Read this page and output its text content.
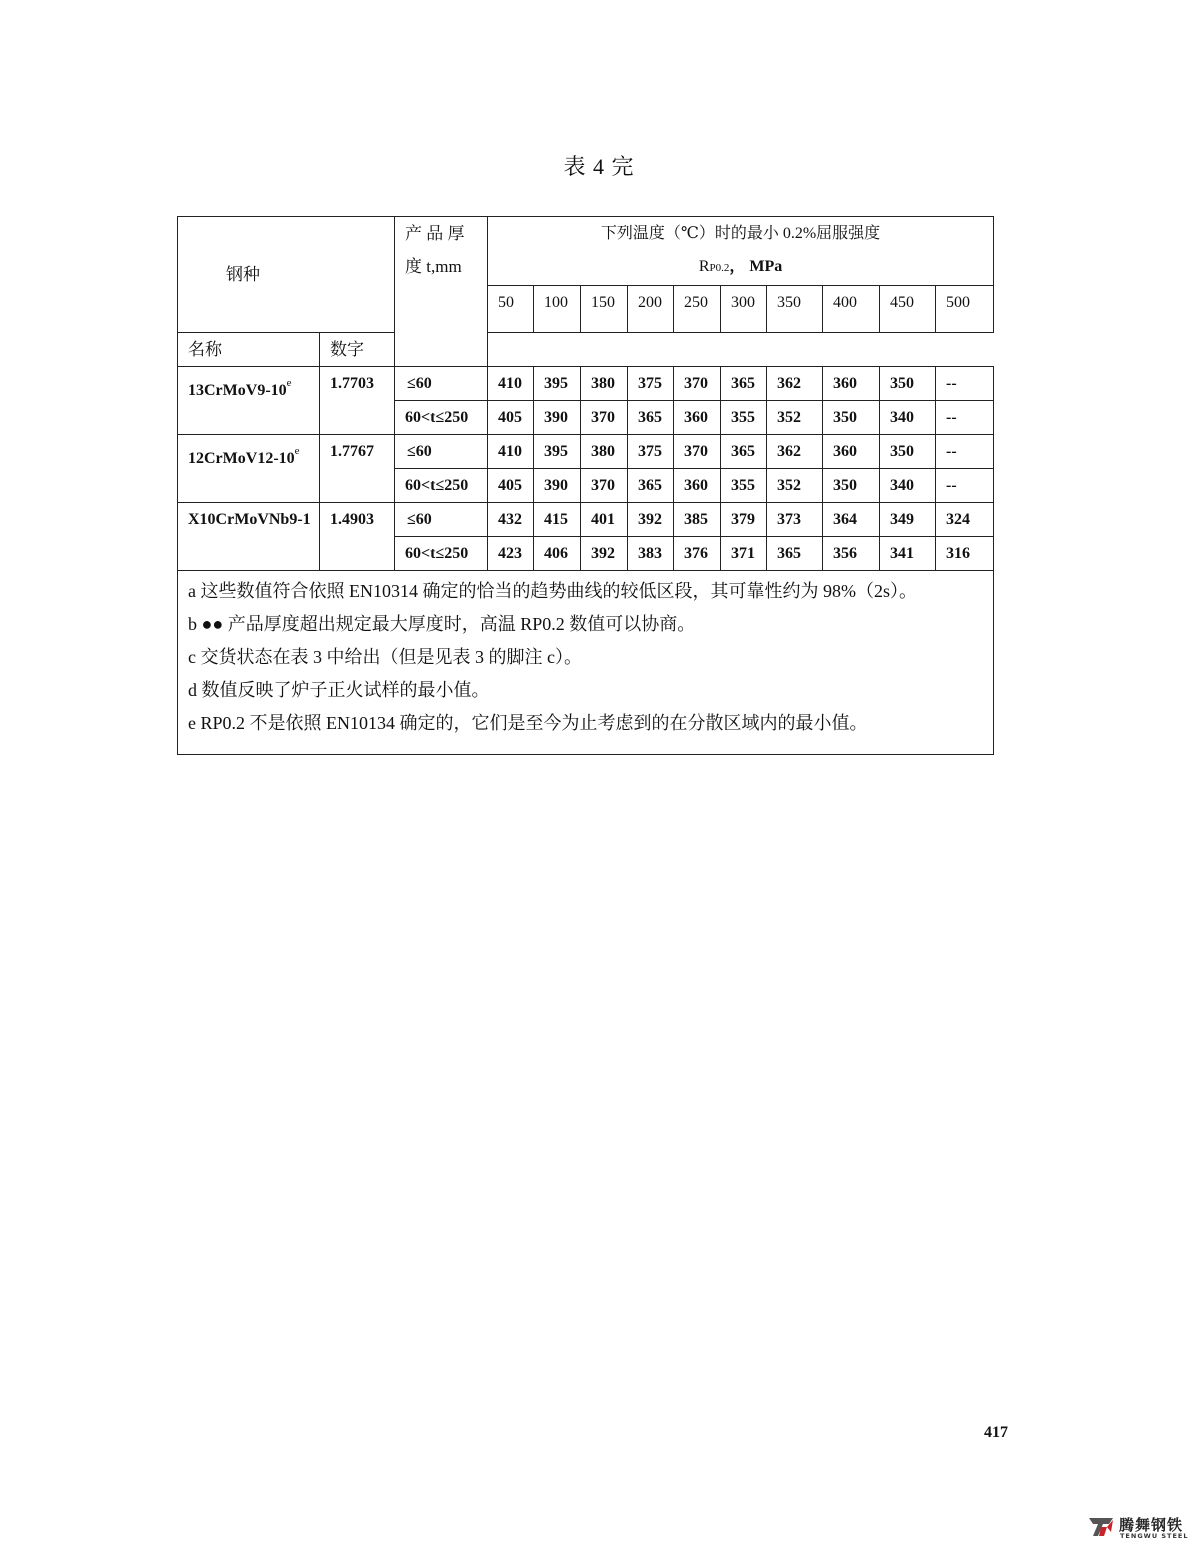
表 4 完
钢种		产 品 厚
度 t,mm	下列温度（℃）时的最小 0.2%屈服强度
RP0.2， MPa									

			50	100	150	200	250	300	350	400	450	500
名称	数字											
13CrMoV9-10e	1.7703	≤60	410	395	380	375	370	365	362	360	350	--
		60<t≤250	405	390	370	365	360	355	352	350	340	--
12CrMoV12-10e	1.7767	≤60	410	395	380	375	370	365	362	360	350	--
		60<t≤250	405	390	370	365	360	355	352	350	340	--
X10CrMoVNb9-1	1.4903	≤60	432	415	401	392	385	379	373	364	349	324
		60<t≤250	423	406	392	383	376	371	365	356	341	316

a 这些数值符合依照 EN10314 确定的恰当的趋势曲线的较低区段，其可靠性约为 98%（2s）。
b ●● 产品厚度超出规定最大厚度时，高温 RP0.2 数值可以协商。
c 交货状态在表 3 中给出（但是见表 3 的脚注 c）。
d 数值反映了炉子正火试样的最小值。
e RP0.2 不是依照 EN10134 确定的，它们是至今为止考虑到的在分散区域内的最小值。												
417
腾舞钢铁
TENGWU STEEL
